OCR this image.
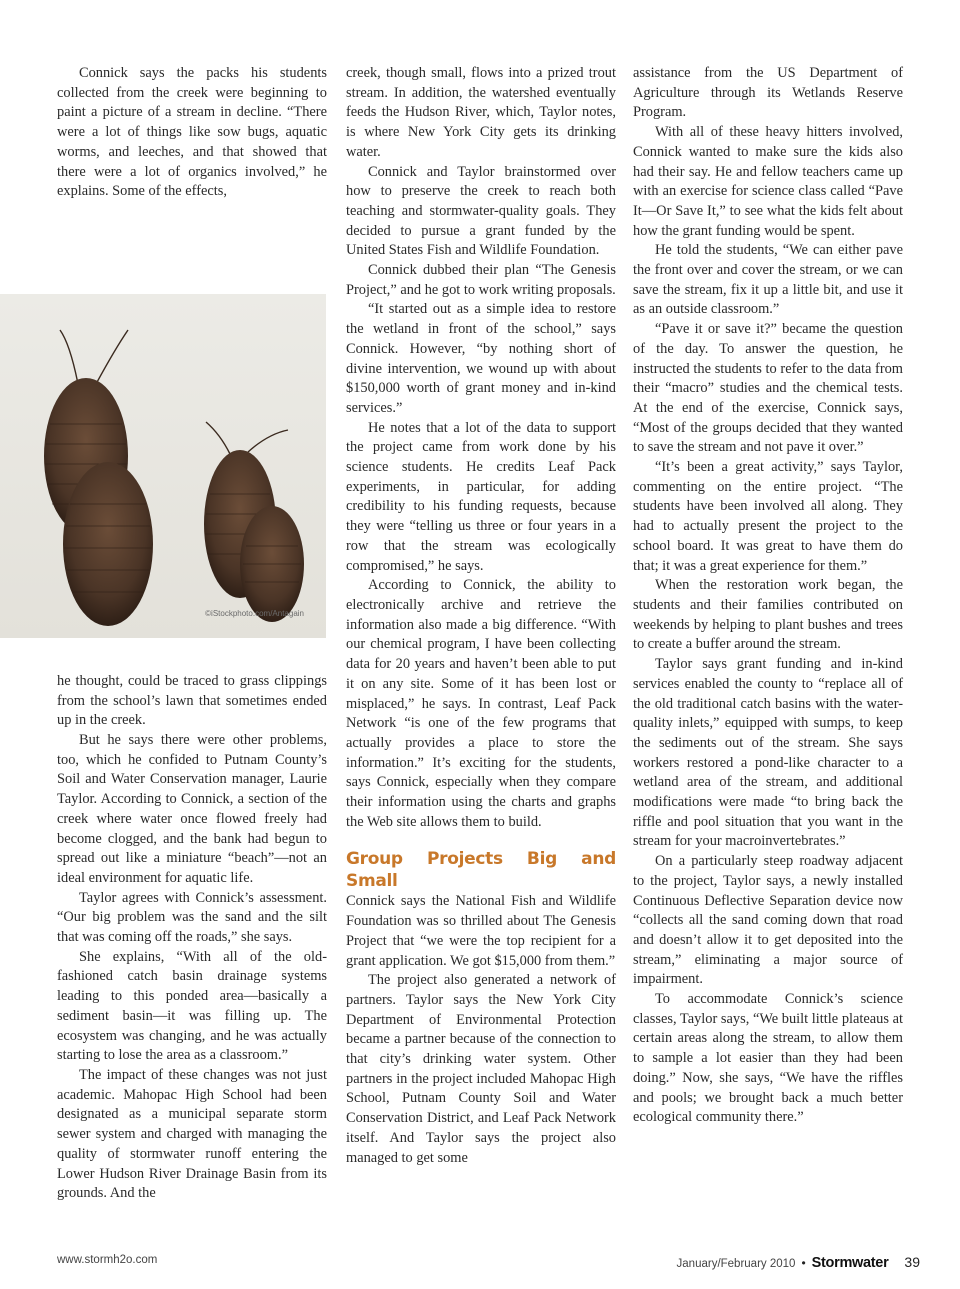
Connick says the packs his students collected from the creek were beginning to paint a picture of a stream in decline. “There were a lot of things like sow bugs, aquatic worms, and leeches, and that showed that there were a lot of organics involved,” he explains. Some of the effects,

©iStockphoto.com/Antagain

he thought, could be traced to grass clippings from the school’s lawn that sometimes ended up in the creek.

But he says there were other problems, too, which he confided to Putnam County’s Soil and Water Conservation manager, Laurie Taylor. According to Connick, a section of the creek where water once flowed freely had become clogged, and the bank had begun to spread out like a miniature “beach”—not an ideal environment for aquatic life.

Taylor agrees with Connick’s assessment. “Our big problem was the sand and the silt that was coming off the roads,” she says.

She explains, “With all of the old-fashioned catch basin drainage systems leading to this ponded area—basically a sediment basin—it was filling up. The ecosystem was changing, and he was actually starting to lose the area as a classroom.”

The impact of these changes was not just academic. Mahopac High School had been designated as a municipal separate storm sewer system and charged with managing the quality of stormwater runoff entering the Lower Hudson River Drainage Basin from its grounds. And the

creek, though small, flows into a prized trout stream. In addition, the watershed eventually feeds the Hudson River, which, Taylor notes, is where New York City gets its drinking water.

Connick and Taylor brainstormed over how to preserve the creek to reach both teaching and stormwater-quality goals. They decided to pursue a grant funded by the United States Fish and Wildlife Foundation.

Connick dubbed their plan “The Genesis Project,” and he got to work writing proposals.

“It started out as a simple idea to restore the wetland in front of the school,” says Connick. However, “by nothing short of divine intervention, we wound up with about $150,000 worth of grant money and in-kind services.”

He notes that a lot of the data to support the project came from work done by his science students. He credits Leaf Pack experiments, in particular, for adding credibility to his funding requests, because they were “telling us three or four years in a row that the stream was ecologically compromised,” he says.

According to Connick, the ability to electronically archive and retrieve the information also made a big difference. “With our chemical program, I have been collecting data for 20 years and haven’t been able to put it on any site. Some of it has been lost or misplaced,” he says. In contrast, Leaf Pack Network “is one of the few programs that actually provides a place to store the information.” It’s exciting for the students, says Connick, especially when they compare their information using the charts and graphs the Web site allows them to build.

Group Projects Big and Small

Connick says the National Fish and Wildlife Foundation was so thrilled about The Genesis Project that “we were the top recipient for a grant application. We got $15,000 from them.”

The project also generated a network of partners. Taylor says the New York City Department of Environmental Protection became a partner because of the connection to that city’s drinking water system. Other partners in the project included Mahopac High School, Putnam County Soil and Water Conservation District, and Leaf Pack Network itself. And Taylor says the project also managed to get some

assistance from the US Department of Agriculture through its Wetlands Reserve Program.

With all of these heavy hitters involved, Connick wanted to make sure the kids also had their say. He and fellow teachers came up with an exercise for science class called “Pave It—Or Save It,” to see what the kids felt about how the grant funding would be spent.

He told the students, “We can either pave the front over and cover the stream, or we can save the stream, fix it up a little bit, and use it as an outside classroom.”

“Pave it or save it?” became the question of the day. To answer the question, he instructed the students to refer to the data from their “macro” studies and the chemical tests. At the end of the exercise, Connick says, “Most of the groups decided that they wanted to save the stream and not pave it over.”

“It’s been a great activity,” says Taylor, commenting on the entire project. “The students have been involved all along. They had to actually present the project to the school board. It was great to have them do that; it was a great experience for them.”

When the restoration work began, the students and their families contributed on weekends by helping to plant bushes and trees to create a buffer around the stream.

Taylor says grant funding and in-kind services enabled the county to “replace all of the old traditional catch basins with the water-quality inlets,” equipped with sumps, to keep the sediments out of the stream. She says workers restored a pond-like character to a wetland area of the stream, and additional modifications were made “to bring back the riffle and pool situation that you want in the stream for your macroinvertebrates.”

On a particularly steep roadway adjacent to the project, Taylor says, a newly installed Continuous Deflective Separation device now “collects all the sand coming down that road and doesn’t allow it to get deposited into the stream,” eliminating a major source of impairment.

To accommodate Connick’s science classes, Taylor says, “We built little plateaus at certain areas along the stream, to allow them to sample a lot easier than they had been doing.” Now, she says, “We have the riffles and pools; we brought back a much better ecological community there.”

www.stormh2o.com	January/February 2010 • Stormwater 39
